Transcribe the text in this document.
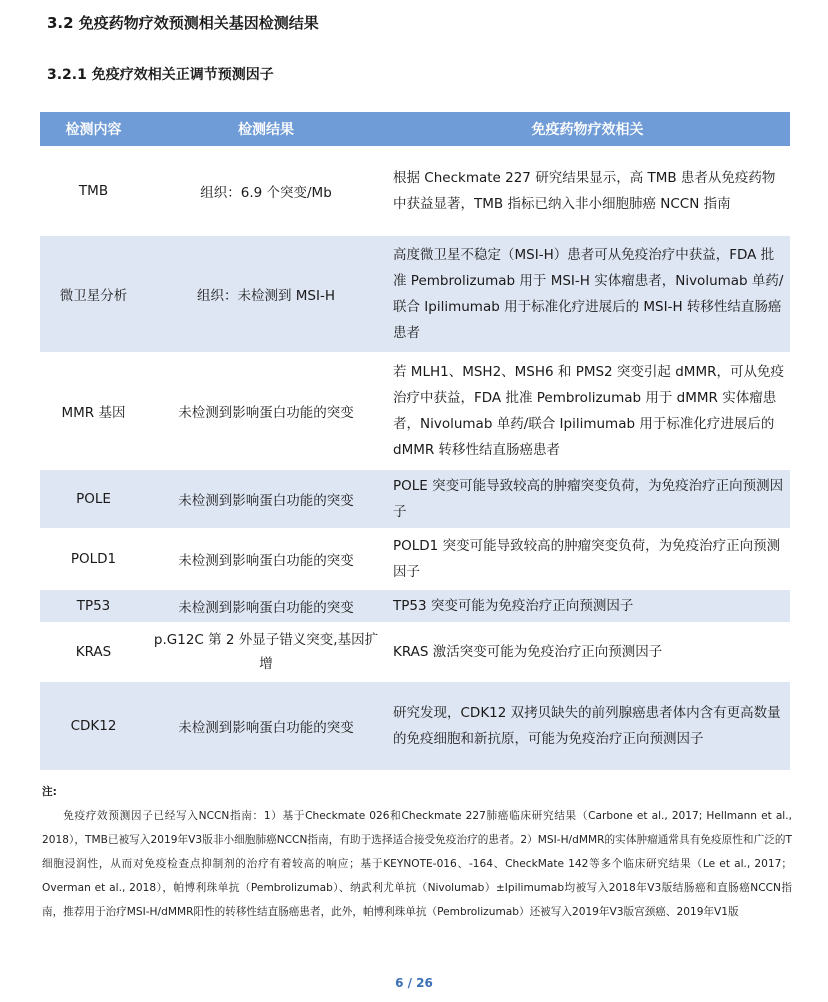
3.2 免疫药物疗效预测相关基因检测结果
3.2.1 免疫疗效相关正调节预测因子
检测内容	检测结果	免疫药物疗效相关
TMB	组织：6.9 个突变/Mb	根据 Checkmate 227 研究结果显示，高 TMB 患者从免疫药物中获益显著，TMB 指标已纳入非小细胞肺癌 NCCN 指南
微卫星分析	组织：未检测到 MSI-H	高度微卫星不稳定（MSI-H）患者可从免疫治疗中获益，FDA 批准 Pembrolizumab 用于 MSI-H 实体瘤患者，Nivolumab 单药/联合 Ipilimumab 用于标准化疗进展后的 MSI-H 转移性结直肠癌患者
MMR 基因	未检测到影响蛋白功能的突变	若 MLH1、MSH2、MSH6 和 PMS2 突变引起 dMMR，可从免疫治疗中获益，FDA 批准 Pembrolizumab 用于 dMMR 实体瘤患者，Nivolumab 单药/联合 Ipilimumab 用于标准化疗进展后的 dMMR 转移性结直肠癌患者
POLE	未检测到影响蛋白功能的突变	POLE 突变可能导致较高的肿瘤突变负荷，为免疫治疗正向预测因子
POLD1	未检测到影响蛋白功能的突变	POLD1 突变可能导致较高的肿瘤突变负荷，为免疫治疗正向预测因子
TP53	未检测到影响蛋白功能的突变	TP53 突变可能为免疫治疗正向预测因子
KRAS	p.G12C 第 2 外显子错义突变,基因扩增	KRAS 激活突变可能为免疫治疗正向预测因子
CDK12	未检测到影响蛋白功能的突变	研究发现，CDK12 双拷贝缺失的前列腺癌患者体内含有更高数量的免疫细胞和新抗原，可能为免疫治疗正向预测因子
注:

免疫疗效预测因子已经写入NCCN指南：1）基于Checkmate 026和Checkmate 227肺癌临床研究结果（Carbone et al., 2017; Hellmann et al., 2018），TMB已被写入2019年V3版非小细胞肺癌NCCN指南，有助于选择适合接受免疫治疗的患者。2）MSI-H/dMMR的实体肿瘤通常具有免疫原性和广泛的T细胞浸润性，从而对免疫检查点抑制剂的治疗有着较高的响应；基于KEYNOTE-016、-164、CheckMate 142等多个临床研究结果（Le et al., 2017；Overman et al., 2018），帕博利珠单抗（Pembrolizumab）、纳武利尤单抗（Nivolumab）±Ipilimumab均被写入2018年V3版结肠癌和直肠癌NCCN指南，推荐用于治疗MSI-H/dMMR阳性的转移性结直肠癌患者，此外，帕博利珠单抗（Pembrolizumab）还被写入2019年V3版宫颈癌、2019年V1版

6 / 26
